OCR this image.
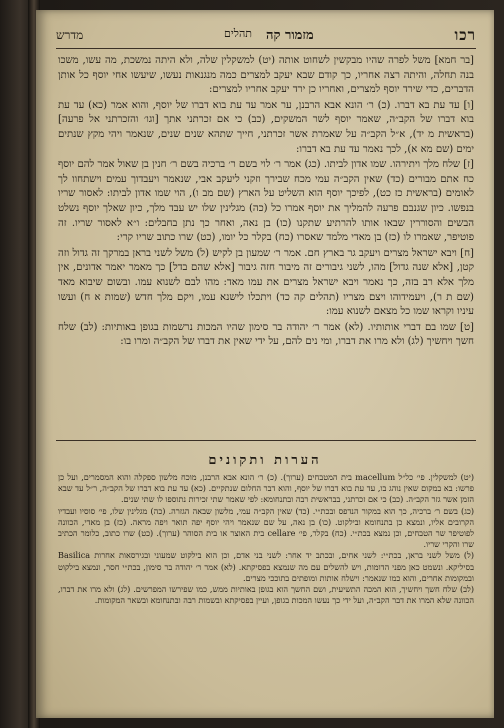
רכו
מזמור קה
תהלים
מדרש

[בר חמא] משל לפרה שהיו מבקשין לשחוט אותה (יט) למשקלין שלה, ולא היתה נמשכת, מה עשו, משכו בנה תחלה, והיתה רצה אחריו, כך קודם שבא יעקב למצרים כמה מנגנאות נעשו, שיעשו אחי יוסף כל אותן הדברים, כדי שירד יוסף למצרים, ואחריו כן ירד יעקב אחריו למצרים:

[ו] עד עת בא דברו. (כ) ר׳ הונא אבא הרבנן, ער אמר עד עת בוא דברו של יוסף, והוא אמר (כא) עד עת בוא דברו של הקב״ה, שאמר יוסף לשר המשקים, (כב) כי אם זכרתני אתך [וגו׳ והזכרתני אל פרעה] (בראשית מ יד), א״ל הקב״ה על שאמרת אשר זכרתני, חייך שתהא שנים שנים, שנאמר ויהי מקץ שנתים ימים (שם מא א), לכך נאמר עד עת בא דברו:

[ז] שלח מלך ויתירהו. שמו אדון לביתו. (כג) אמר ר׳ לוי בשם ר׳ ברכיה בשם ר׳ חנין בן שאול אמר להם יוסף כח אתם מבורים (כד) שאין הקב״ה עמי מכח שבירך וזקני ליעקב אבי, שנאמר ויעבדוך עמים וישתחוו לך לאומים (בראשית כז כט), לפיכך יוסף הוא השליט על הארץ (שם מב ו), הוי שמו אדון לביתו: לאסור שריו בנפשו. כיון שגנבם פרעה להמליך את יוסף אמרו כל (כה) מגלינין שלו יש עבד מלך, כיון שאלך יוסף נשלט הבשים והסוררין שבאו אותו להרתיע שתקנו (כו) בן נאה, ואחר כך נתן בחבלים: ו״א לאסור שריו. זה פוטיפר, שאמרו לו (כז) בן מאדי מלמד שאסרו (כח) בקלר כל יומו, (כט) שרו כתוב שריו קרי:

[ח] ויבא ישראל מצרים ויעקב גר בארץ חם. אמר ר׳ שמעון בן לקיש (ל) משל לשני בראן במרקך זה גדול וזה קטן, [אלא שנה גדול] מהו, לשני גיבורים זה מיבור חזה גיבור [אלא שהם בדל] כך מאמר יאמר אדונים, אין מלך אלא רב בזה, כך נאמר ויבא ישראל מצרים את עמו מאד: מהו לבם לשנוא עמו. ובשום שיבוא מאד (שם ת ר), ויעמידוהו ויצם מצריו (תהלים קה כד) ויתכלו לישנא עמו, ויקם מלך חדש (שמות א ח) ועשו עיניו וקראו שמו כל מצאם לשנוא עמו:

[ט] שמו בם דברי אותותיו. (לא) אמר ר׳ יהודה בר סימון שהיו המכות נרשמות בגופן באותיות: (לב) שלח חשך ויחשיך (לג) ולא מרו את דברו, ומי נים להם, על ידי שאין את דברו של הקב״ה ומרו בו:

הערות ותקונים

(יט) למשקלין. פי׳ כל״ל macellum בית המטבחים (ערוך). (כ) ר׳ הונא אבא הרבנן, מוכח מלשון ספקלה והוא המסמרים, ועל כן פרשו: בא במקום שאין נוהג בו, עד עת בוא דברו של יוסף, והוא דבר החלום שנתקיים. (כא) עד עת בוא דברו של הקב״ה, ר״ל עד שבא הזמן אשר גזר הקב״ה. (כב) כי אם זכרתני, בבראשית רבה ובתנחומא: לפי שאמר שתי זכירות נתוספו לו שתי שנים.

(כג) בשם ר׳ ברכיה, כך הוא במקור הנדפס ובכת״י. (כד) שאין הקב״ה עמי, מלשון שבאה הגזרה. (כה) מגלינין שלו, פי׳ סוסיו ועבדיו הקרובים אליו, ונמצא כן בתנחומא ובילקוט. (כו) בן נאה, על שם שנאמר ויהי יוסף יפה תואר ויפה מראה. (כז) בן מאדי, הכוונה לפוטיפר שר הטבחים, וכן נמצא בכת״י. (כח) בקלר, פי׳ cellare בית האוצר או בית הסוהר (ערוך). (כט) שרו כתוב, כלומר הכתיב שרו והקרי שריו.

(ל) משל לשני בראן, בכת״י: לשני אחים, ובכתב יד אחר: לשני בני אדם, וכן הוא בילקוט שמעוני ובגירסאות אחרות Basilica בסיליקא. ונשמט כאן מפני הדומות, ויש להשלים עם מה שנמצא בפסיקתא. (לא) אמר ר׳ יהודה בר סימון, בכת״י חסר, ונמצא בילקוט ובמקומות אחרים, והוא כמו שנאמר: וישלח אותות ומופתים בתוככי מצרים.

(לב) שלח חשך ויחשיך, הוא המכה התשיעית, ושם החשך הוא בגופן באותיות ממש, כמו שפירשו המפרשים. (לג) ולא מרו את דברו, הכוונה שלא המרו את דבר הקב״ה, ועל ידי כך נעשו המכות בגופן, ועיין בפסיקתא ובשמות רבה ובתנחומא ובשאר המקומות.
